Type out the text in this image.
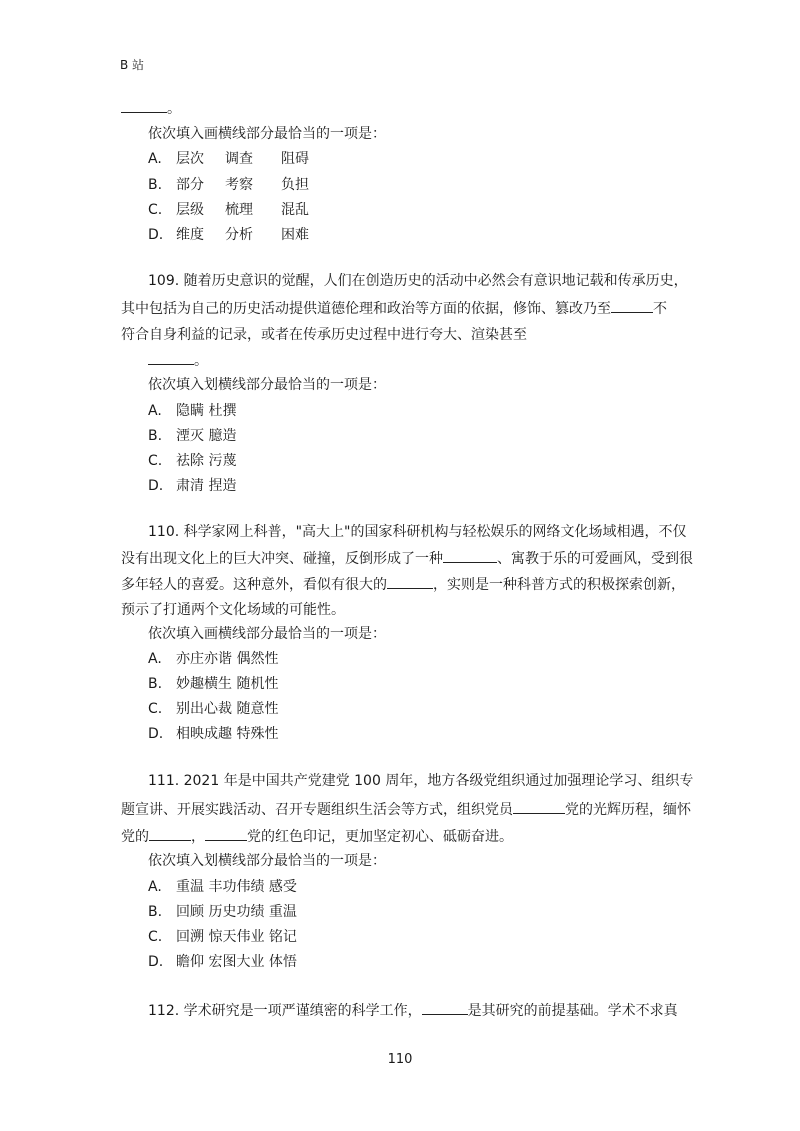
B 站
。
依次填入画横线部分最恰当的一项是：
A. 层次 调查 阻碍
B. 部分 考察 负担
C. 层级 梳理 混乱
D. 维度 分析 困难
109. 随着历史意识的觉醒，人们在创造历史的活动中必然会有意识地记载和传承历史，
其中包括为自己的历史活动提供道德伦理和政治等方面的依据，修饰、篡改乃至	不
符合自身利益的记录，或者在传承历史过程中进行夸大、渲染甚至
。
依次填入划横线部分最恰当的一项是：
A. 隐瞒 杜撰
B. 湮灭 臆造
C. 祛除 污蔑
D. 肃清 捏造
110. 科学家网上科普，"高大上"的国家科研机构与轻松娱乐的网络文化场域相遇，不仅
没有出现文化上的巨大冲突、碰撞，反倒形成了一种	、寓教于乐的可爱画风，受到很
多年轻人的喜爱。这种意外，看似有很大的	，实则是一种科普方式的积极探索创新，
预示了打通两个文化场域的可能性。
依次填入画横线部分最恰当的一项是：
A. 亦庄亦谐 偶然性
B. 妙趣横生 随机性
C. 别出心裁 随意性
D. 相映成趣 特殊性
111. 2021 年是中国共产党建党 100 周年，地方各级党组织通过加强理论学习、组织专
题宣讲、开展实践活动、召开专题组织生活会等方式，组织党员	党的光辉历程，缅怀
党的	，	党的红色印记，更加坚定初心、砥砺奋进。
依次填入划横线部分最恰当的一项是：
A. 重温 丰功伟绩 感受
B. 回顾 历史功绩 重温
C. 回溯 惊天伟业 铭记
D. 瞻仰 宏图大业 体悟
112. 学术研究是一项严谨缜密的科学工作，	是其研究的前提基础。学术不求真
110
